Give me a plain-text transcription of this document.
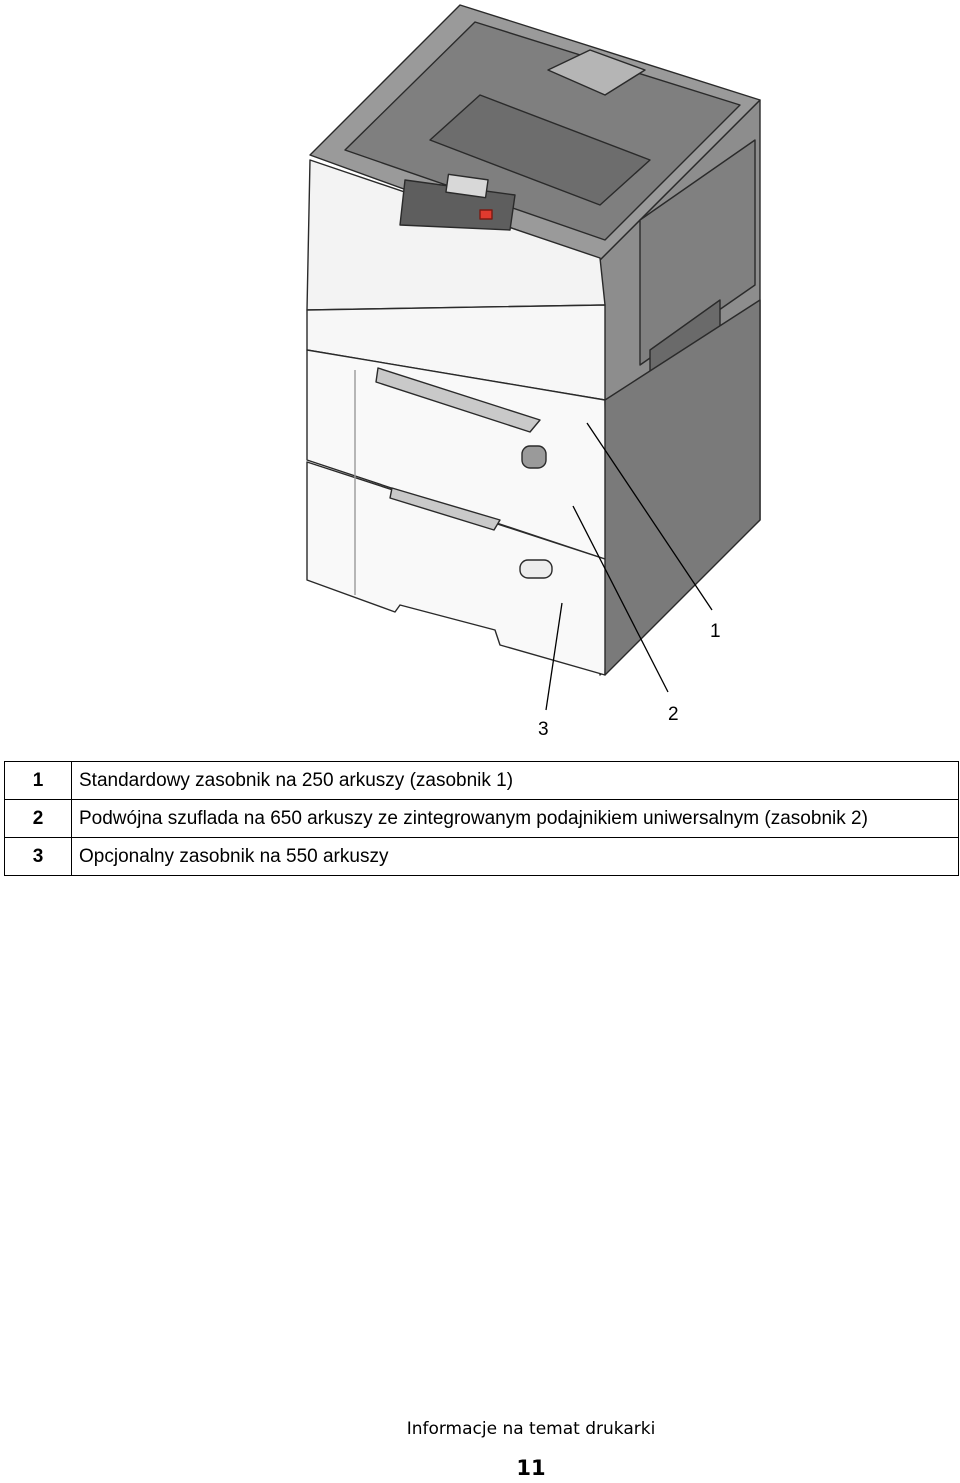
1
2
3
1	Standardowy zasobnik na 250 arkuszy (zasobnik 1)
2	Podwójna szuflada na 650 arkuszy ze zintegrowanym podajnikiem uniwersalnym (zasobnik 2)
3	Opcjonalny zasobnik na 550 arkuszy
Informacje na temat drukarki
11
